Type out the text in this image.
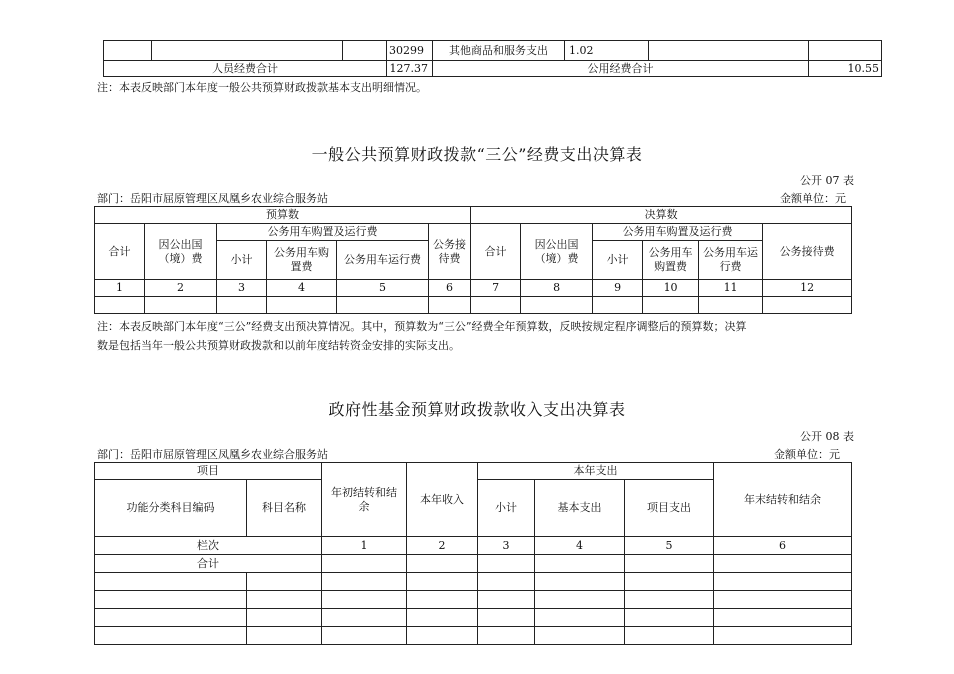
			30299	其他商品和服务支出	1.02		
人员经费合计			127.37	公用经费合计			10.55
注：本表反映部门本年度一般公共预算财政拨款基本支出明细情况。
一般公共预算财政拨款“三公”经费支出决算表
公开 07 表
部门：岳阳市屈原管理区凤凰乡农业综合服务站	金额单位：元
预算数						决算数					
合计	因公出国（境）费	公务用车购置及运行费			公务接待费	合计	因公出国（境）费	公务用车购置及运行费			公务接待费
		小计	公务用车购置费	公务用车运行费				小计	公务用车购置费	公务用车运行费	
1	2	3	4	5	6	7	8	9	10	11	12

注：本表反映部门本年度“三公”经费支出预决算情况。其中，预算数为“三公”经费全年预算数，反映按规定程序调整后的预算数；决算
数是包括当年一般公共预算财政拨款和以前年度结转资金安排的实际支出。
政府性基金预算财政拨款收入支出决算表
公开 08 表
部门：岳阳市屈原管理区凤凰乡农业综合服务站	金额单位：元
项目		年初结转和结余	本年收入	本年支出			年末结转和结余
功能分类科目编码	科目名称			小计	基本支出	项目支出	
栏次		1	2	3	4	5	6
合计							
